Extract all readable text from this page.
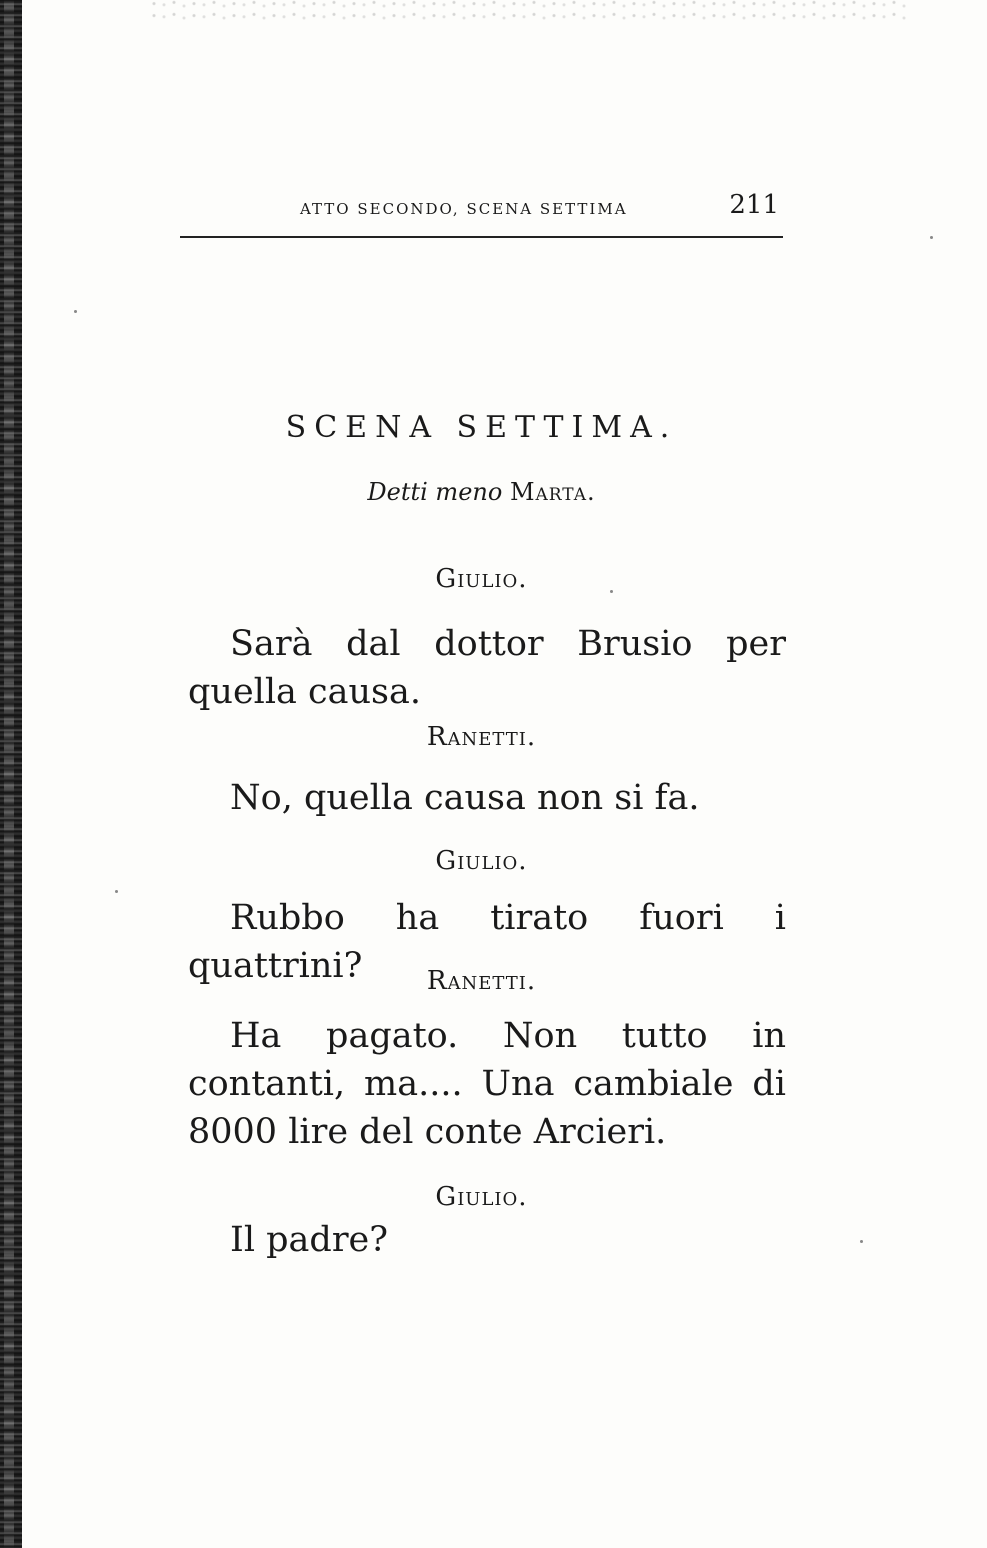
ATTO SECONDO, SCENA SETTIMA	211
SCENA SETTIMA.
Detti meno Marta.
Giulio.
Sarà dal dottor Brusio per quella causa.
Ranetti.
No, quella causa non si fa.
Giulio.
Rubbo ha tirato fuori i quattrini?	Ranetti.
Ha pagato. Non tutto in contanti, ma.... Una cambiale di 8000 lire del conte Arcieri.
Giulio.
Il padre?
